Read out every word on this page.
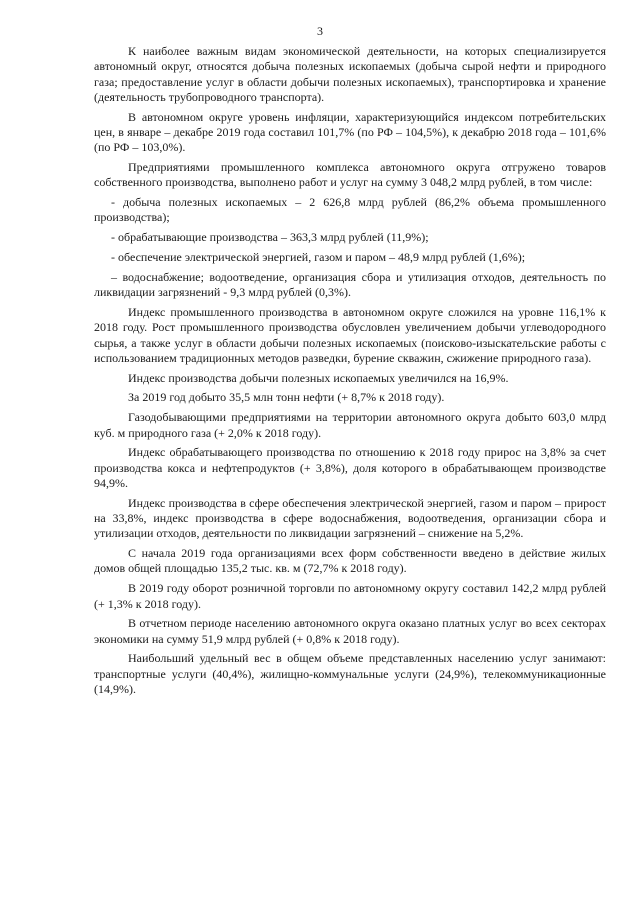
3

К наиболее важным видам экономической деятельности, на которых специализируется автономный округ, относятся добыча полезных ископаемых (добыча сырой нефти и природного газа; предоставление услуг в области добычи полезных ископаемых), транспортировка и хранение (деятельность трубопроводного транспорта).

В автономном округе уровень инфляции, характеризующийся индексом потребительских цен, в январе – декабре 2019 года составил 101,7% (по РФ – 104,5%), к декабрю 2018 года – 101,6% (по РФ – 103,0%).

Предприятиями промышленного комплекса автономного округа отгружено товаров собственного производства, выполнено работ и услуг на сумму 3 048,2 млрд рублей, в том числе:

- добыча полезных ископаемых – 2 626,8 млрд рублей (86,2% объема промышленного производства);

- обрабатывающие производства – 363,3 млрд рублей (11,9%);

- обеспечение электрической энергией, газом и паром – 48,9 млрд рублей (1,6%);

– водоснабжение; водоотведение, организация сбора и утилизация отходов, деятельность по ликвидации загрязнений - 9,3 млрд рублей (0,3%).

Индекс промышленного производства в автономном округе сложился на уровне 116,1% к 2018 году. Рост промышленного производства обусловлен увеличением добычи углеводородного сырья, а также услуг в области добычи полезных ископаемых (поисково-изыскательские работы с использованием традиционных методов разведки, бурение скважин, сжижение природного газа).

Индекс производства добычи полезных ископаемых увеличился на 16,9%.

За 2019 год добыто 35,5 млн тонн нефти (+ 8,7% к 2018 году).

Газодобывающими предприятиями на территории автономного округа добыто 603,0 млрд куб. м природного газа (+ 2,0% к 2018 году).

Индекс обрабатывающего производства по отношению к 2018 году прирос на 3,8% за счет производства кокса и нефтепродуктов (+ 3,8%), доля которого в обрабатывающем производстве 94,9%.

Индекс производства в сфере обеспечения электрической энергией, газом и паром – прирост на 33,8%, индекс производства в сфере водоснабжения, водоотведения, организации сбора и утилизации отходов, деятельности по ликвидации загрязнений – снижение на 5,2%.

С начала 2019 года организациями всех форм собственности введено в действие жилых домов общей площадью 135,2 тыс. кв. м (72,7% к 2018 году).

В 2019 году оборот розничной торговли по автономному округу составил 142,2 млрд рублей (+ 1,3% к 2018 году).

В отчетном периоде населению автономного округа оказано платных услуг во всех секторах экономики на сумму 51,9 млрд рублей (+ 0,8% к 2018 году).

Наибольший удельный вес в общем объеме представленных населению услуг занимают: транспортные услуги (40,4%), жилищно-коммунальные услуги (24,9%), телекоммуникационные (14,9%).
